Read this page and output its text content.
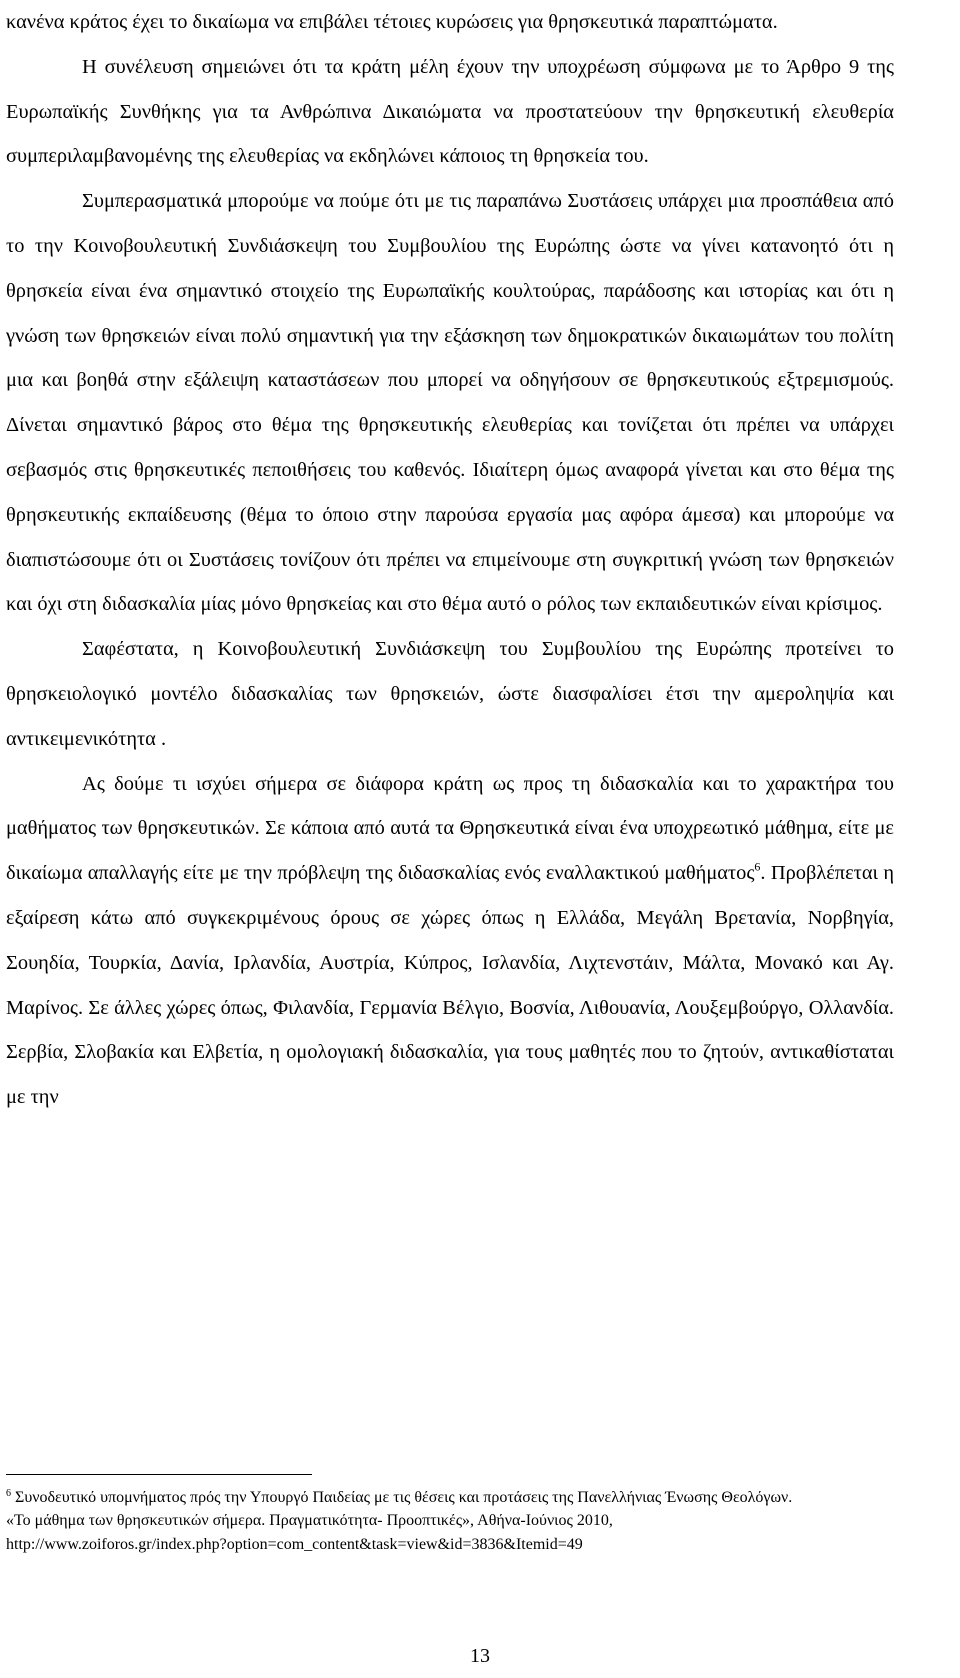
κανένα κράτος έχει το δικαίωμα να επιβάλει τέτοιες κυρώσεις για θρησκευτικά παραπτώματα.

Η συνέλευση σημειώνει ότι τα κράτη μέλη έχουν την υποχρέωση σύμφωνα με το Άρθρο 9 της Ευρωπαϊκής Συνθήκης για τα Ανθρώπινα Δικαιώματα να προστατεύουν την θρησκευτική ελευθερία συμπεριλαμβανομένης της ελευθερίας να εκδηλώνει κάποιος τη θρησκεία του.

Συμπερασματικά μπορούμε να πούμε ότι με τις παραπάνω Συστάσεις υπάρχει μια προσπάθεια από το την Κοινοβουλευτική Συνδιάσκεψη του Συμβουλίου της Ευρώπης ώστε να γίνει κατανοητό ότι η θρησκεία είναι ένα σημαντικό στοιχείο της Ευρωπαϊκής κουλτούρας, παράδοσης και ιστορίας και ότι η γνώση των θρησκειών είναι πολύ σημαντική για την εξάσκηση των δημοκρατικών δικαιωμάτων του πολίτη μια και βοηθά στην εξάλειψη καταστάσεων που μπορεί να οδηγήσουν σε θρησκευτικούς εξτρεμισμούς. Δίνεται σημαντικό βάρος στο θέμα της θρησκευτικής ελευθερίας και τονίζεται ότι πρέπει να υπάρχει σεβασμός στις θρησκευτικές πεποιθήσεις του καθενός. Ιδιαίτερη όμως αναφορά γίνεται και στο θέμα της θρησκευτικής εκπαίδευσης (θέμα το όποιο στην παρούσα εργασία μας αφόρα άμεσα) και μπορούμε να διαπιστώσουμε ότι οι Συστάσεις τονίζουν ότι πρέπει να επιμείνουμε στη συγκριτική γνώση των θρησκειών και όχι στη διδασκαλία μίας μόνο θρησκείας και στο θέμα αυτό ο ρόλος των εκπαιδευτικών είναι κρίσιμος.

Σαφέστατα, η Κοινοβουλευτική Συνδιάσκεψη του Συμβουλίου της Ευρώπης προτείνει το θρησκειολογικό μοντέλο διδασκαλίας των θρησκειών, ώστε διασφαλίσει έτσι την αμεροληψία και αντικειμενικότητα .

Ας δούμε τι ισχύει σήμερα σε διάφορα κράτη ως προς τη διδασκαλία και το χαρακτήρα του μαθήματος των θρησκευτικών. Σε κάποια από αυτά τα Θρησκευτικά είναι ένα υποχρεωτικό μάθημα, είτε με δικαίωμα απαλλαγής είτε με την πρόβλεψη της διδασκαλίας ενός εναλλακτικού μαθήματος$^6$. Προβλέπεται η εξαίρεση κάτω από συγκεκριμένους όρους σε χώρες όπως η Ελλάδα, Μεγάλη Βρετανία, Νορβηγία, Σουηδία, Τουρκία, Δανία, Ιρλανδία, Αυστρία, Κύπρος, Ισλανδία, Λιχτενστάιν, Μάλτα, Μονακό και Αγ. Μαρίνος. Σε άλλες χώρες όπως, Φιλανδία, Γερμανία Βέλγιο, Βοσνία, Λιθουανία, Λουξεμβούργο, Ολλανδία. Σερβία, Σλοβακία και Ελβετία, η ομολογιακή διδασκαλία, για τους μαθητές που το ζητούν, αντικαθίσταται με την

$^6$ Συνοδευτικό υπομνήματος πρός την Υπουργό Παιδείας με τις θέσεις και προτάσεις της Πανελλήνιας Ένωσης Θεολόγων.

«Το μάθημα των θρησκευτικών σήμερα. Πραγματικότητα- Προοπτικές», Αθήνα-Ιούνιος 2010,

http://www.zoiforos.gr/index.php?option=com_content&task=view&id=3836&Itemid=49

13
